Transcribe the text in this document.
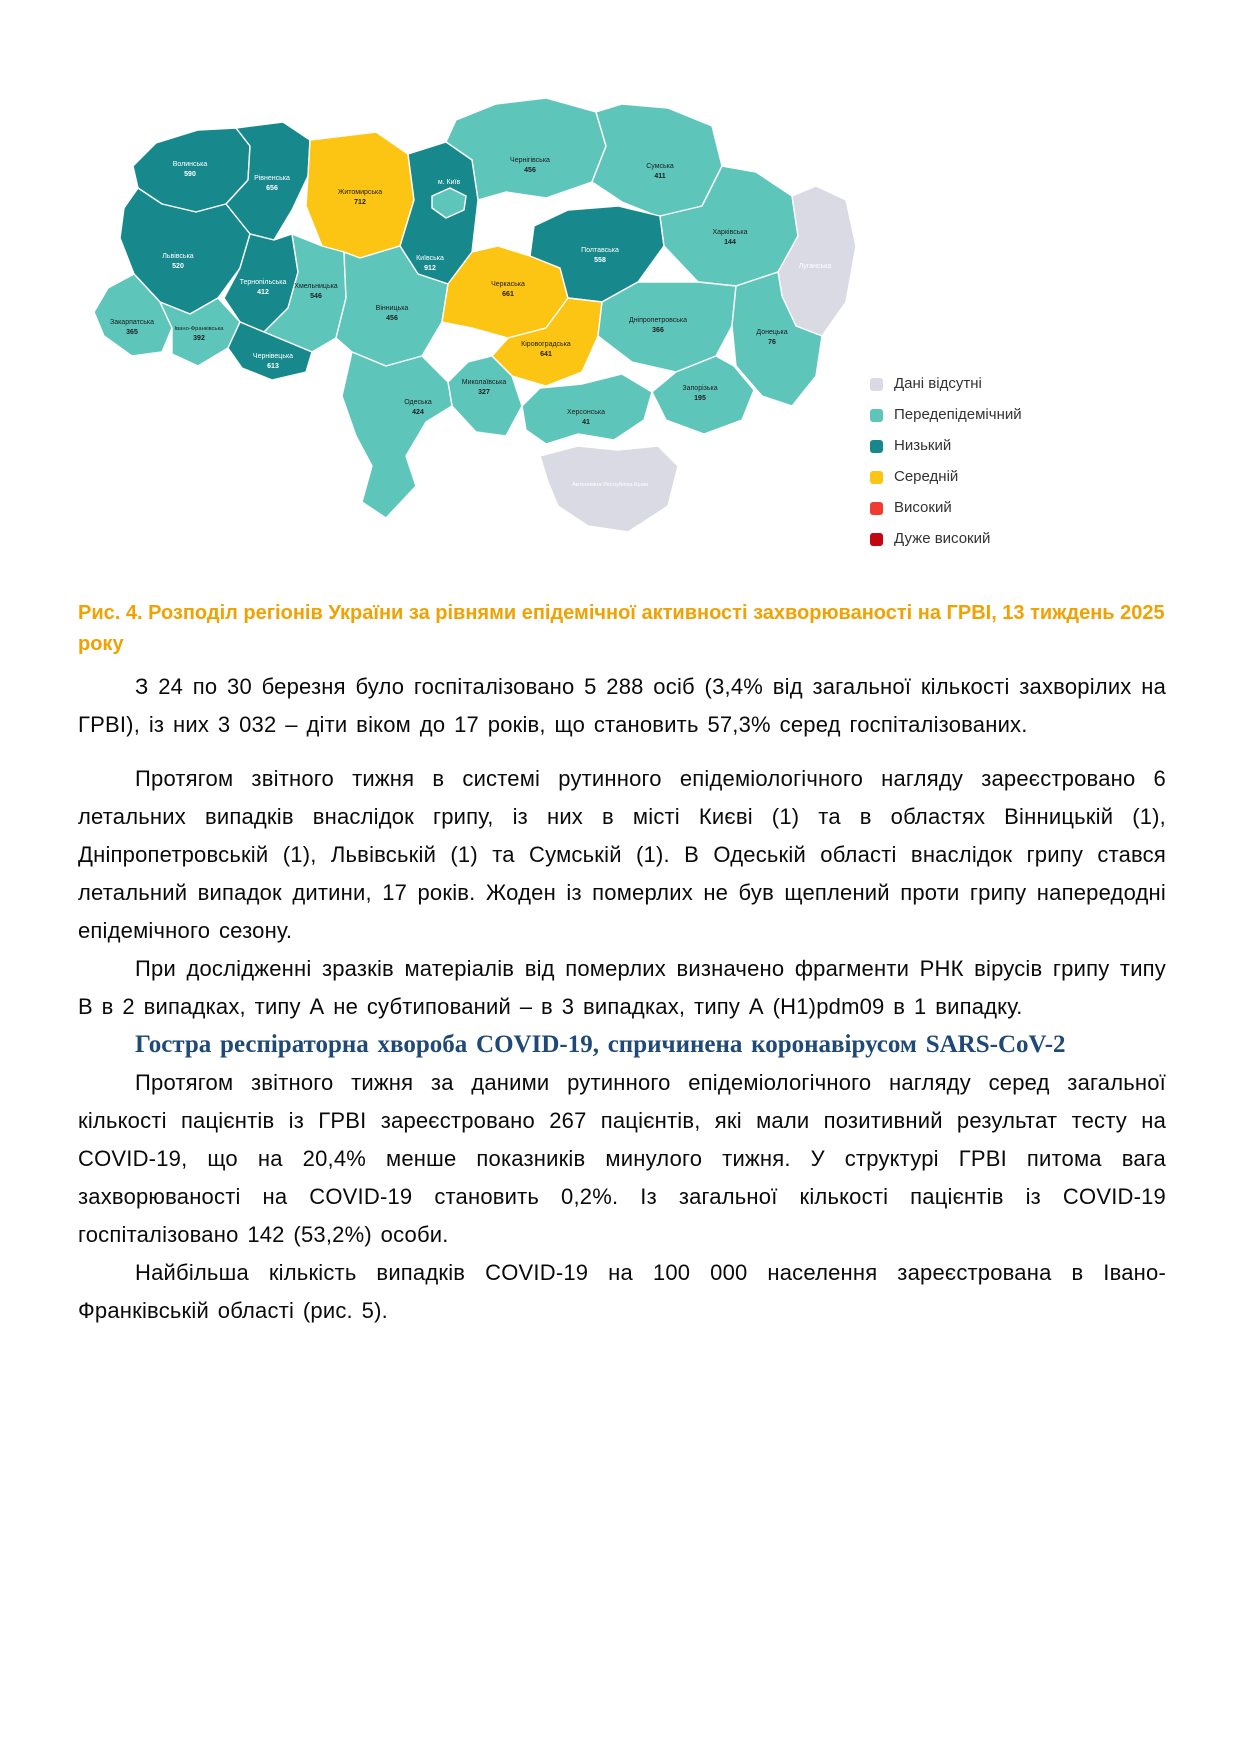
Волинська
590
Рівненська
656
Житомирська
712
Чернігівська
456
Сумська
411
Київська
912
м. Київ
Львівська
520
Тернопільська
412
Хмельницька
546
Вінницька
456
Закарпатська
365	Івано-Франківська
392
Чернівецька
613
Черкаська
661
Полтавська
558
Харківська
144
Луганська
Кіровоградська
641
Дніпропетровська
366	Донецька
76
Запорізька
195
Миколаївська
327
Одеська
424	Херсонська
41
Автономна Республіка Крим
Дані відсутні
Передепідемічний
Низький
Середній
Високий
Дуже високий
Рис. 4. Розподіл регіонів України за рівнями епідемічної активності захворюваності на ГРВІ, 13 тиждень 2025 року

З 24 по 30 березня було госпіталізовано 5 288 осіб (3,4% від загальної кількості захворілих на ГРВІ), із них 3 032 – діти віком до 17 років, що становить 57,3% серед госпіталізованих.

Протягом звітного тижня в системі рутинного епідеміологічного нагляду зареєстровано 6 летальних випадків внаслідок грипу, із них в місті Києві (1) та в областях Вінницькій (1), Дніпропетровській (1), Львівській (1) та Сумській (1). В Одеській області внаслідок грипу стався летальний випадок дитини, 17 років. Жоден із померлих не був щеплений проти грипу напередодні епідемічного сезону.

При дослідженні зразків матеріалів від померлих визначено фрагменти РНК вірусів грипу типу В в 2 випадках, типу А не субтипований – в 3 випадках, типу А (H1)pdm09 в 1 випадку.

Гостра респіраторна хвороба COVID-19, спричинена коронавірусом SARS-CoV-2

Протягом звітного тижня за даними рутинного епідеміологічного нагляду серед загальної кількості пацієнтів із ГРВІ зареєстровано 267 пацієнтів, які мали позитивний результат тесту на COVID-19, що на 20,4% менше показників минулого тижня. У структурі ГРВІ питома вага захворюваності на COVID-19 становить 0,2%. Із загальної кількості пацієнтів із COVID-19 госпіталізовано 142 (53,2%) особи.

Найбільша кількість випадків COVID-19 на 100 000 населення зареєстрована в Івано-Франківській області (рис. 5).
